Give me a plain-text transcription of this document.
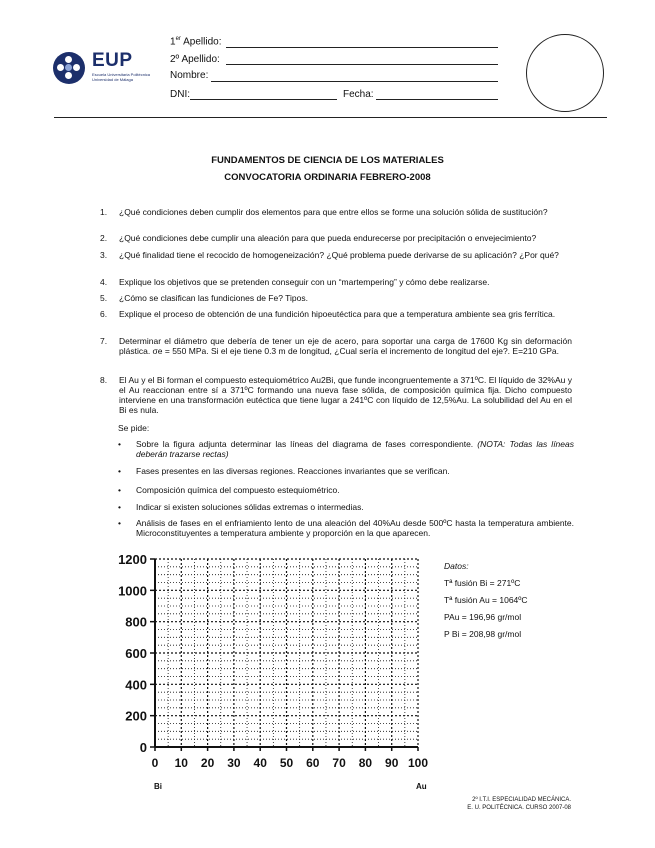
EUP
Escuela Universitaria Politécnica
Universidad de Málaga
1er Apellido:
2º Apellido:
Nombre:
DNI:	Fecha:
FUNDAMENTOS DE CIENCIA DE LOS MATERIALES
CONVOCATORIA ORDINARIA FEBRERO-2008
1.	¿Qué condiciones deben cumplir dos elementos para que entre ellos se forme una solución sólida de sustitución?
2.	¿Qué condiciones debe cumplir una aleación para que pueda endurecerse por precipitación o envejecimiento?
3.	¿Qué finalidad tiene el recocido de homogeneización? ¿Qué problema puede derivarse de su aplicación? ¿Por qué?
4.	Explique los objetivos que se pretenden conseguir con un “martempering” y cómo debe realizarse.
5.	¿Cómo se clasifican las fundiciones de Fe? Tipos.
6.	Explique el proceso de obtención de una fundición hipoeutéctica para que a temperatura ambiente sea gris ferrítica.
7.	Determinar el diámetro que debería de tener un eje de acero, para soportar una carga de 17600 Kg sin deformación plástica. σe = 550 MPa. Si el eje tiene 0.3 m de longitud, ¿Cual sería el incremento de longitud del eje?. E=210 GPa.
8.	El Au y el Bi forman el compuesto estequiométrico Au2Bi, que funde incongruentemente a 371ºC. El líquido de 32%Au y el Au reaccionan entre sí a 371ºC formando una nueva fase sólida, de composición química fija. Dicho compuesto interviene en una transformación eutéctica que tiene lugar a 241ºC con líquido de 12,5%Au. La solubilidad del Au en el Bi es nula.
Se pide:
• Sobre la figura adjunta determinar las líneas del diagrama de fases correspondiente. (NOTA: Todas las líneas deberán trazarse rectas)
• Fases presentes en las diversas regiones. Reacciones invariantes que se verifican.
• Composición química del compuesto estequiométrico.
• Indicar si existen soluciones sólidas extremas o intermedias.
• Análisis de fases en el enfriamiento lento de una aleación del 40%Au desde 500ºC hasta la temperatura ambiente. Microconstituyentes a temperatura ambiente y proporción en la que aparecen.
0
200
400
600
800
1000
1200
0 10 20 30 40 50 60 70 80 90 100
Bi	Au
Datos:
Tª fusión Bi = 271ºC
Tª fusión Au = 1064ºC
PAu = 196,96 gr/mol
P Bi = 208,98 gr/mol
2º I.T.I. ESPECIALIDAD MECÁNICA.
E. U. POLITÉCNICA. CURSO 2007-08
